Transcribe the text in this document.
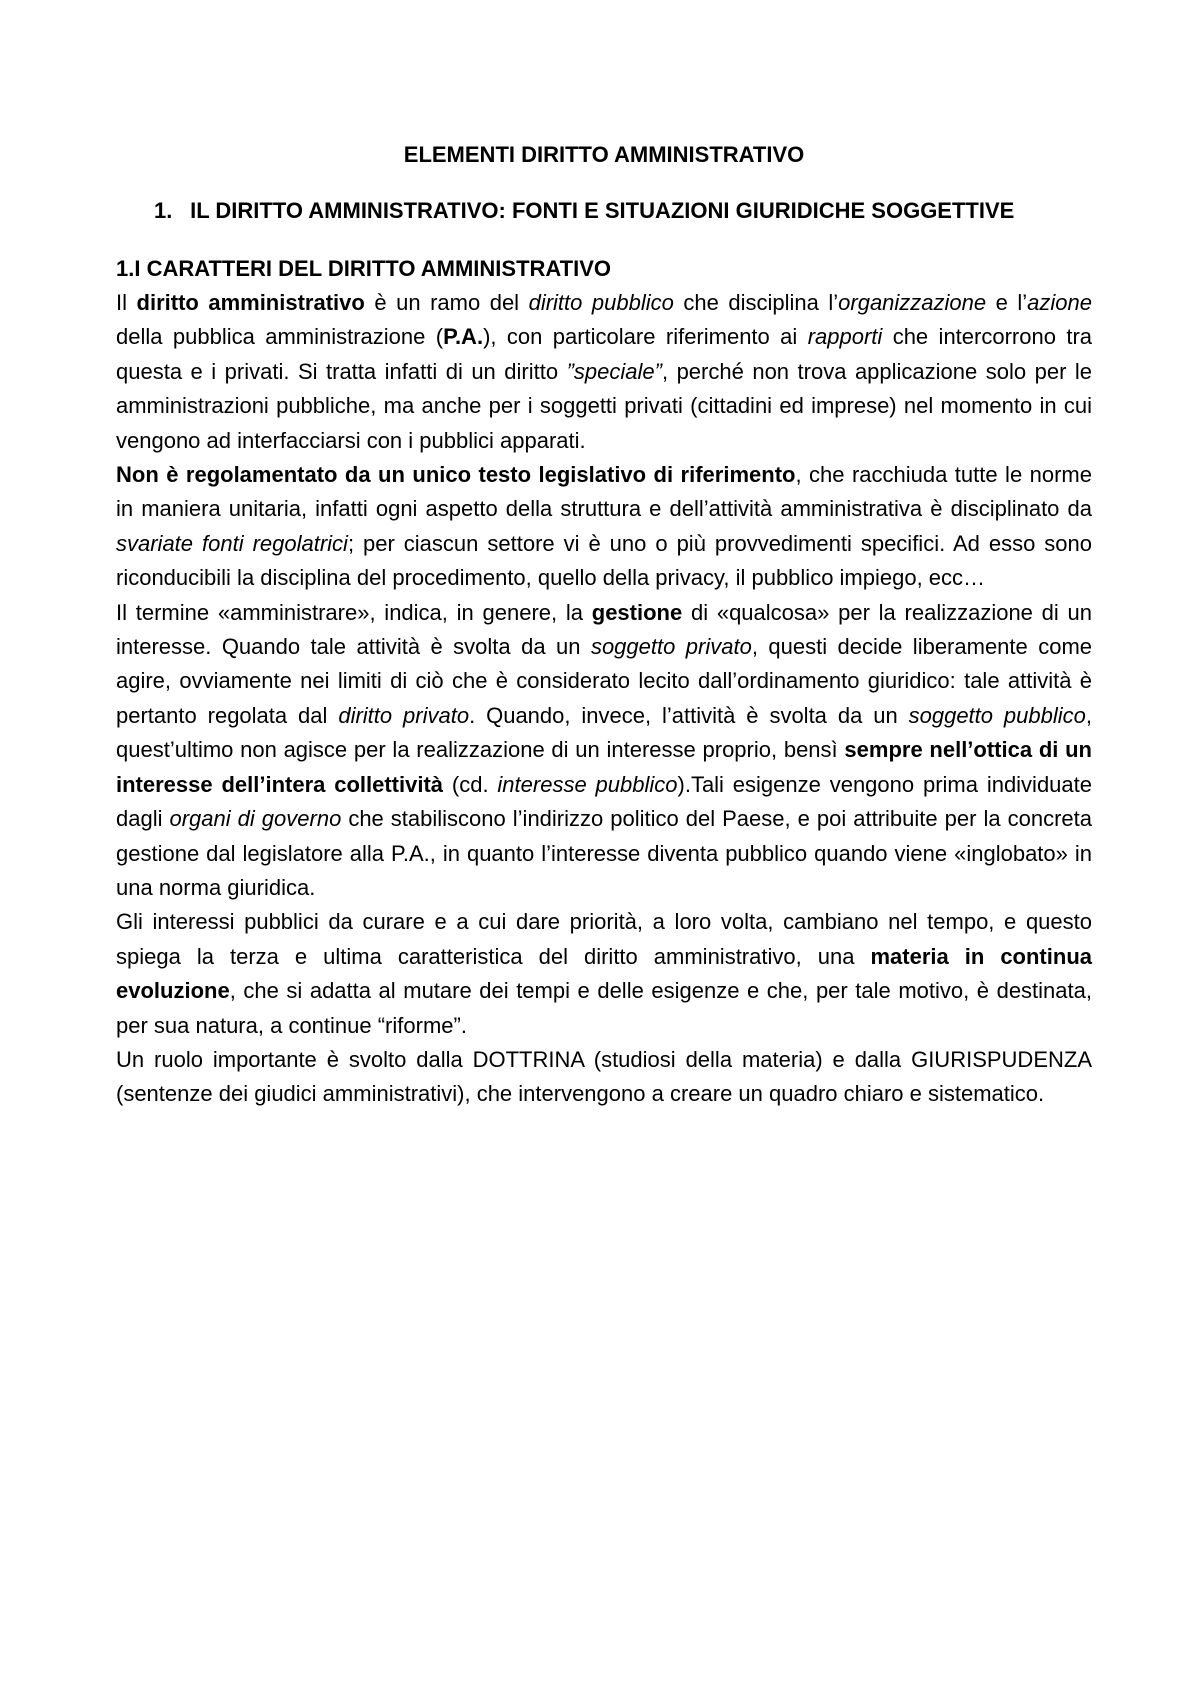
ELEMENTI DIRITTO AMMINISTRATIVO
1. IL DIRITTO AMMINISTRATIVO: FONTI E SITUAZIONI GIURIDICHE SOGGETTIVE
1.I CARATTERI DEL DIRITTO AMMINISTRATIVO

Il diritto amministrativo è un ramo del diritto pubblico che disciplina l’organizzazione e l’azione della pubblica amministrazione (P.A.), con particolare riferimento ai rapporti che intercorrono tra questa e i privati. Si tratta infatti di un diritto ”speciale”, perché non trova applicazione solo per le amministrazioni pubbliche, ma anche per i soggetti privati (cittadini ed imprese) nel momento in cui vengono ad interfacciarsi con i pubblici apparati.

Non è regolamentato da un unico testo legislativo di riferimento, che racchiuda tutte le norme in maniera unitaria, infatti ogni aspetto della struttura e dell’attività amministrativa è disciplinato da svariate fonti regolatrici; per ciascun settore vi è uno o più provvedimenti specifici. Ad esso sono riconducibili la disciplina del procedimento, quello della privacy, il pubblico impiego, ecc…

Il termine «amministrare», indica, in genere, la gestione di «qualcosa» per la realizzazione di un interesse. Quando tale attività è svolta da un soggetto privato, questi decide liberamente come agire, ovviamente nei limiti di ciò che è considerato lecito dall’ordinamento giuridico: tale attività è pertanto regolata dal diritto privato. Quando, invece, l’attività è svolta da un soggetto pubblico, quest’ultimo non agisce per la realizzazione di un interesse proprio, bensì sempre nell’ottica di un interesse dell’intera collettività (cd. interesse pubblico).Tali esigenze vengono prima individuate dagli organi di governo che stabiliscono l’indirizzo politico del Paese, e poi attribuite per la concreta gestione dal legislatore alla P.A., in quanto l’interesse diventa pubblico quando viene «inglobato» in una norma giuridica.

Gli interessi pubblici da curare e a cui dare priorità, a loro volta, cambiano nel tempo, e questo spiega la terza e ultima caratteristica del diritto amministrativo, una materia in continua evoluzione, che si adatta al mutare dei tempi e delle esigenze e che, per tale motivo, è destinata, per sua natura, a continue “riforme”.

Un ruolo importante è svolto dalla DOTTRINA (studiosi della materia) e dalla GIURISPUDENZA (sentenze dei giudici amministrativi), che intervengono a creare un quadro chiaro e sistematico.
